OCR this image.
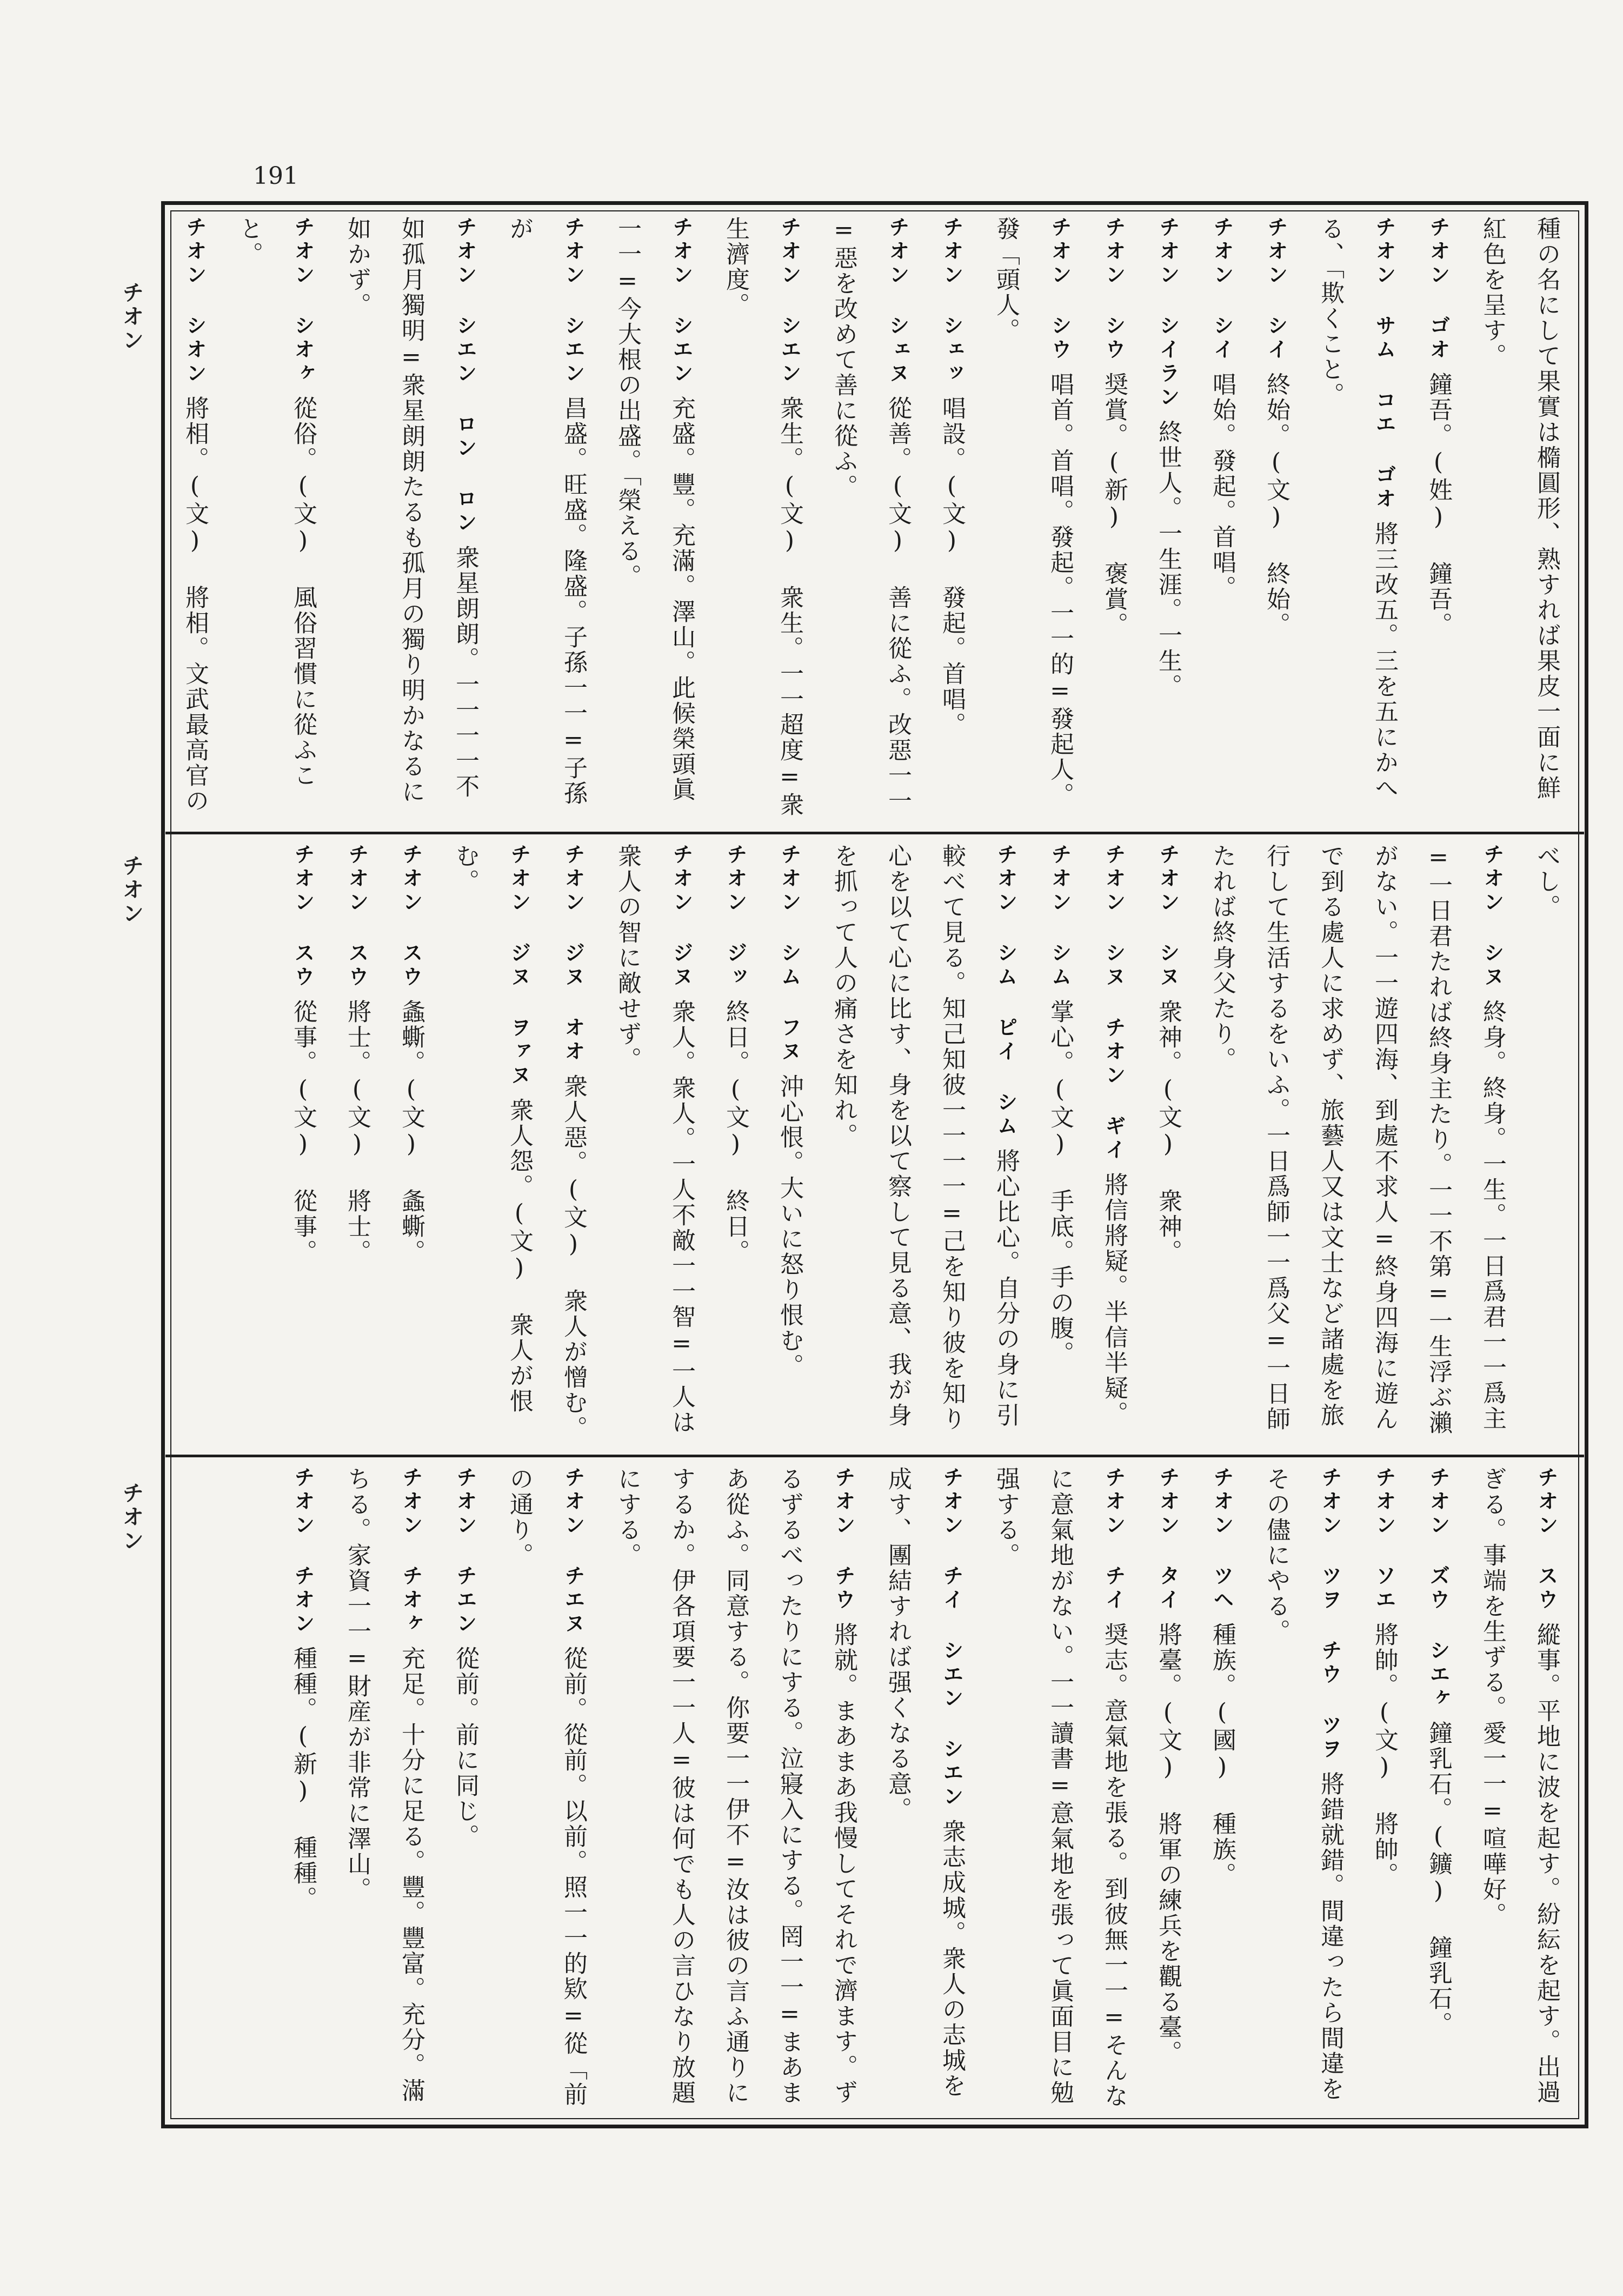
191
チオン
チオン
チオン
種の名にして果實は橢圓形、熟すれば果皮一面に鮮紅色を呈す。
チオン ゴオ鐘吾。(姓) 鐘吾。
チオン サム コエ ゴオ將三改五。三を五にかへる、「欺くこと。
チオン シイ終始。(文) 終始。
チオン シイ唱始。發起。首唱。
チオン シイラン終世人。一生涯。一生。
チオン シウ奨賞。(新) 褒賞。
チオン シウ唱首。首唱。發起。一一的=發起人。發「頭人。
チオン シェッ唱設。(文) 發起。首唱。
チオン シェヌ從善。(文) 善に從ふ。改惡一一=惡を改めて善に從ふ。
チオン シエン衆生。(文) 衆生。一一超度=衆生濟度。
チオン シエン充盛。豐。充滿。澤山。此候榮頭眞一一=今大根の出盛。「榮える。
チオン シエン昌盛。旺盛。隆盛。子孫一一=子孫が
チオン シエン ロン ロン衆星朗朗。一一一一不如孤月獨明=衆星朗朗たるも孤月の獨り明かなるに如かず。
チオン シオヶ從俗。(文) 風俗習慣に從ふこと。
チオン シオン將相。(文) 將相。文武最高官の
べし。
チオン シヌ終身。終身。一生。一日爲君一一爲主=一日君たれば終身主たり。一一不第=一生浮ぶ瀨がない。一一遊四海、到處不求人=終身四海に遊んで到る處人に求めず、旅藝人又は文士など諸處を旅行して生活するをいふ。一日爲師一一爲父=一日師たれば終身父たり。
チオン シヌ衆神。(文) 衆神。
チオン シヌ チオン ギイ將信將疑。半信半疑。
チオン シム掌心。(文) 手底。手の腹。
チオン シム ピイ シム將心比心。自分の身に引較べて見る。知己知彼一一一一=己を知り彼を知り心を以て心に比す、身を以て察して見る意、我が身を抓って人の痛さを知れ。
チオン シム フヌ沖心恨。大いに怒り恨む。
チオン ジッ終日。(文) 終日。
チオン ジヌ衆人。衆人。一人不敵一一智=一人は衆人の智に敵せず。
チオン ジヌ オオ衆人惡。(文) 衆人が憎む。
チオン ジヌ ヲァヌ衆人怨。(文) 衆人が恨む。
チオン スウ螽蟖。(文) 螽蟖。
チオン スウ將士。(文) 將士。
チオン スウ從事。(文) 從事。
チオン スウ縱事。平地に波を起す。紛紜を起す。出過ぎる。事端を生ずる。愛一一=喧嘩好。
チオン ズウ シエヶ鐘乳石。(鑛) 鐘乳石。
チオン ソエ將帥。(文) 將帥。
チオン ツヲ チウ ツヲ將錯就錯。間違ったら間違をその儘にやる。
チオン ツヘ種族。(國) 種族。
チオン タイ將臺。(文) 將軍の練兵を觀る臺。
チオン チイ奨志。意氣地を張る。到彼無一一=そんなに意氣地がない。一一讀書=意氣地を張って眞面目に勉强する。
チオン チイ シエン シエン衆志成城。衆人の志城を成す、團結すれば强くなる意。
チオン チウ將就。まあまあ我慢してそれで濟ます。ずるずるべったりにする。泣寢入にする。罔一一=まあまあ從ふ。同意する。你要一一伊不=汝は彼の言ふ通りにするか。伊各項要一一人=彼は何でも人の言ひなり放題にする。
チオン チエヌ從前。從前。以前。照一一的欵=從「前の通り。
チオン チエン從前。前に同じ。
チオン チオヶ充足。十分に足る。豐。豐富。充分。滿ちる。家資一一=財産が非常に澤山。
チオン チオン種種。(新) 種種。
